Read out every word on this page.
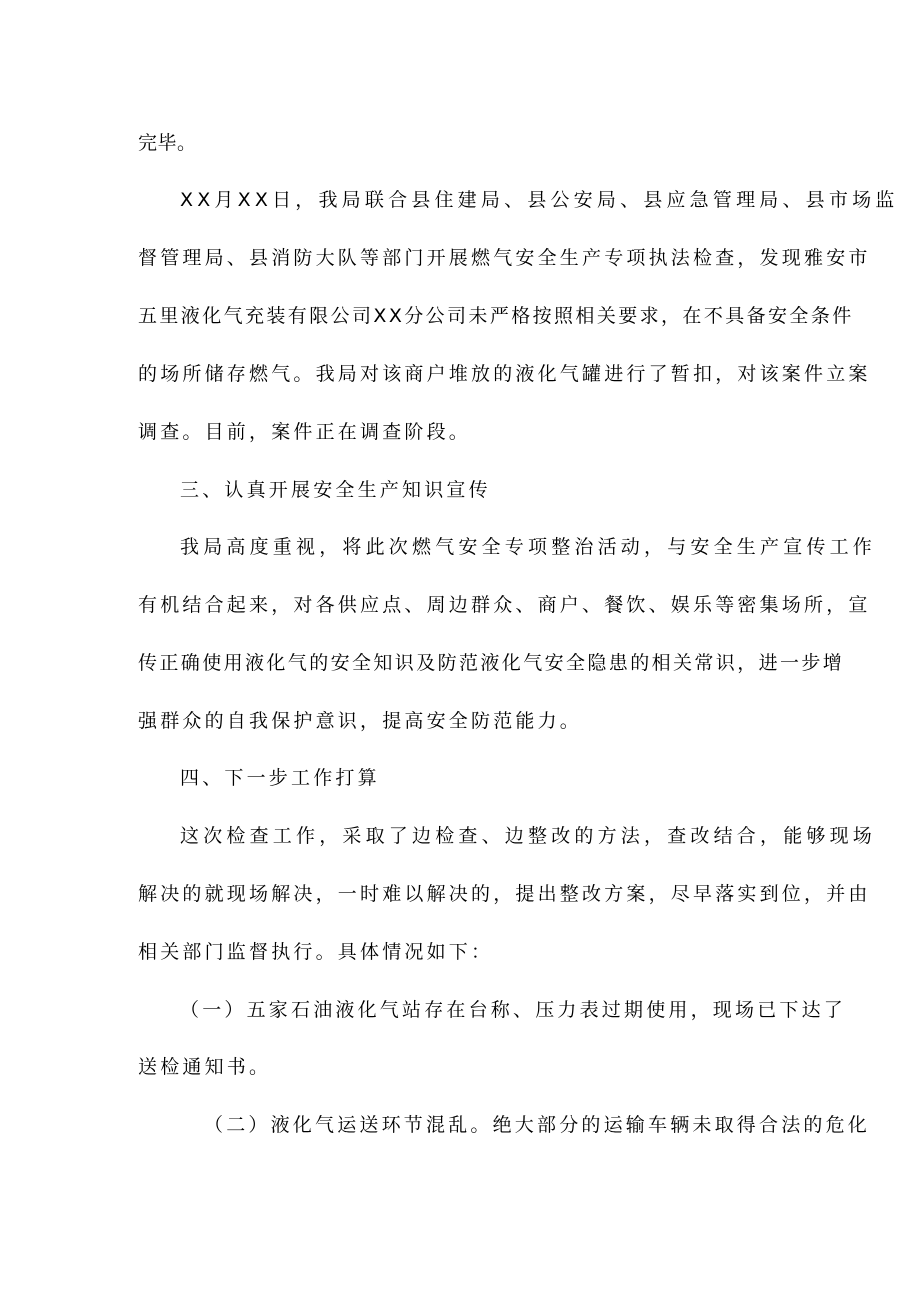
完毕。
XX月XX日，我局联合县住建局、县公安局、县应急管理局、县市场监
督管理局、县消防大队等部门开展燃气安全生产专项执法检查，发现雅安市
五里液化气充装有限公司XX分公司未严格按照相关要求，在不具备安全条件
的场所储存燃气。我局对该商户堆放的液化气罐进行了暂扣，对该案件立案
调查。目前，案件正在调查阶段。
三、认真开展安全生产知识宣传
我局高度重视，将此次燃气安全专项整治活动，与安全生产宣传工作
有机结合起来，对各供应点、周边群众、商户、餐饮、娱乐等密集场所，宣
传正确使用液化气的安全知识及防范液化气安全隐患的相关常识，进一步增
强群众的自我保护意识，提高安全防范能力。
四、下一步工作打算
这次检查工作，采取了边检查、边整改的方法，查改结合，能够现场
解决的就现场解决，一时难以解决的，提出整改方案，尽早落实到位，并由
相关部门监督执行。具体情况如下：
（一）五家石油液化气站存在台称、压力表过期使用，现场已下达了
送检通知书。
（二）液化气运送环节混乱。绝大部分的运输车辆未取得合法的危化
